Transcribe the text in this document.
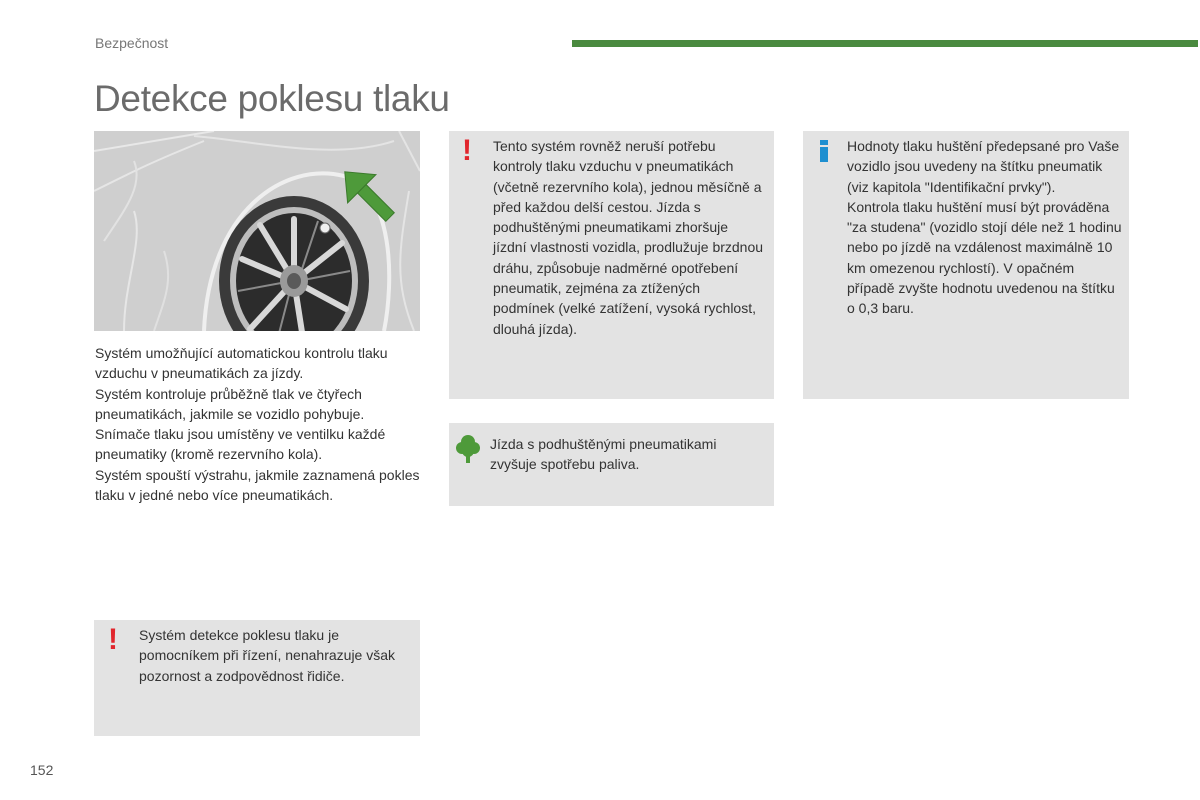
Bezpečnost
Detekce poklesu tlaku

Systém umožňující automatickou kontrolu tlaku vzduchu v pneumatikách za jízdy.

Systém kontroluje průběžně tlak ve čtyřech pneumatikách, jakmile se vozidlo pohybuje.

Snímače tlaku jsou umístěny ve ventilku každé pneumatiky (kromě rezervního kola).

Systém spouští výstrahu, jakmile zaznamená pokles tlaku v jedné nebo více pneumatikách.

! Tento systém rovněž neruší potřebu kontroly tlaku vzduchu v pneumatikách (včetně rezervního kola), jednou měsíčně a před každou delší cestou. Jízda s podhuštěnými pneumatikami zhoršuje jízdní vlastnosti vozidla, prodlužuje brzdnou dráhu, způsobuje nadměrné opotřebení pneumatik, zejména za ztížených podmínek (velké zatížení, vysoká rychlost, dlouhá jízda).

Hodnoty tlaku huštění předepsané pro Vaše vozidlo jsou uvedeny na štítku pneumatik (viz kapitola "Identifikační prvky").

Kontrola tlaku huštění musí být prováděna "za studena" (vozidlo stojí déle než 1 hodinu nebo po jízdě na vzdálenost maximálně 10 km omezenou rychlostí). V opačném případě zvyšte hodnotu uvedenou na štítku o 0,3 baru.

Jízda s podhuštěnými pneumatikami zvyšuje spotřebu paliva.

! Systém detekce poklesu tlaku je pomocníkem při řízení, nenahrazuje však pozornost a zodpovědnost řidiče.

152
